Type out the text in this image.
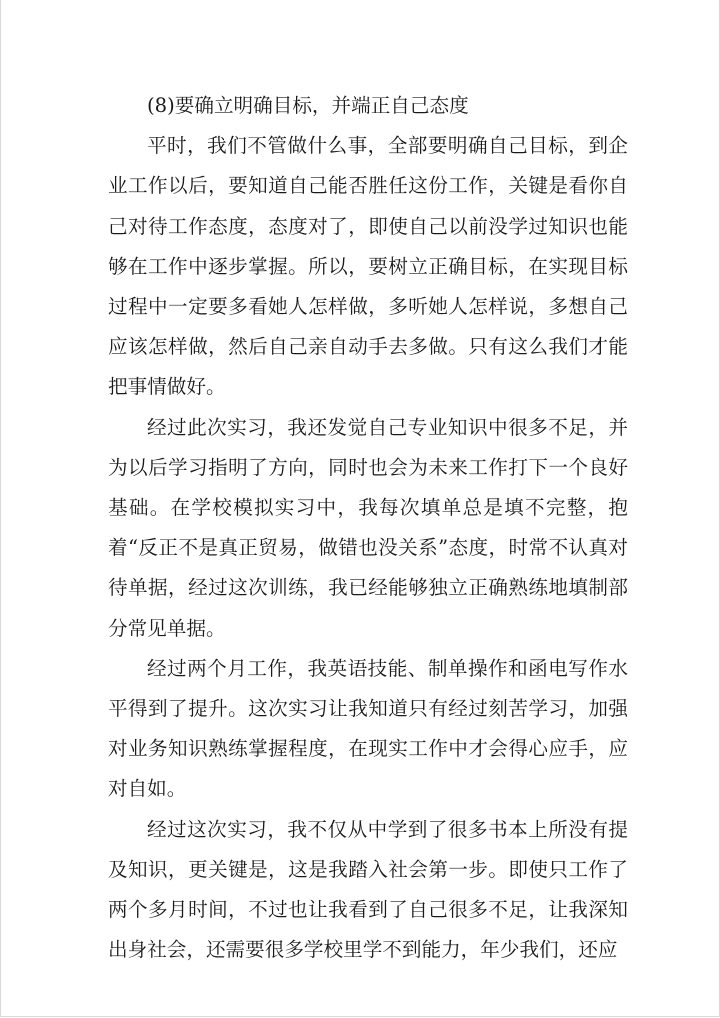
(8)要确立明确目标，并端正自己态度

平时，我们不管做什么事，全部要明确自己目标，到企业工作以后，要知道自己能否胜任这份工作，关键是看你自己对待工作态度，态度对了，即使自己以前没学过知识也能够在工作中逐步掌握。所以，要树立正确目标，在实现目标过程中一定要多看她人怎样做，多听她人怎样说，多想自己应该怎样做，然后自己亲自动手去多做。只有这么我们才能把事情做好。

经过此次实习，我还发觉自己专业知识中很多不足，并为以后学习指明了方向，同时也会为未来工作打下一个良好基础。在学校模拟实习中，我每次填单总是填不完整，抱着“反正不是真正贸易，做错也没关系”态度，时常不认真对待单据，经过这次训练，我已经能够独立正确熟练地填制部分常见单据。

经过两个月工作，我英语技能、制单操作和函电写作水平得到了提升。这次实习让我知道只有经过刻苦学习，加强对业务知识熟练掌握程度，在现实工作中才会得心应手，应对自如。

经过这次实习，我不仅从中学到了很多书本上所没有提及知识，更关键是，这是我踏入社会第一步。即使只工作了两个多月时间，不过也让我看到了自己很多不足，让我深知出身社会，还需要很多学校里学不到能力，年少我们，还应
